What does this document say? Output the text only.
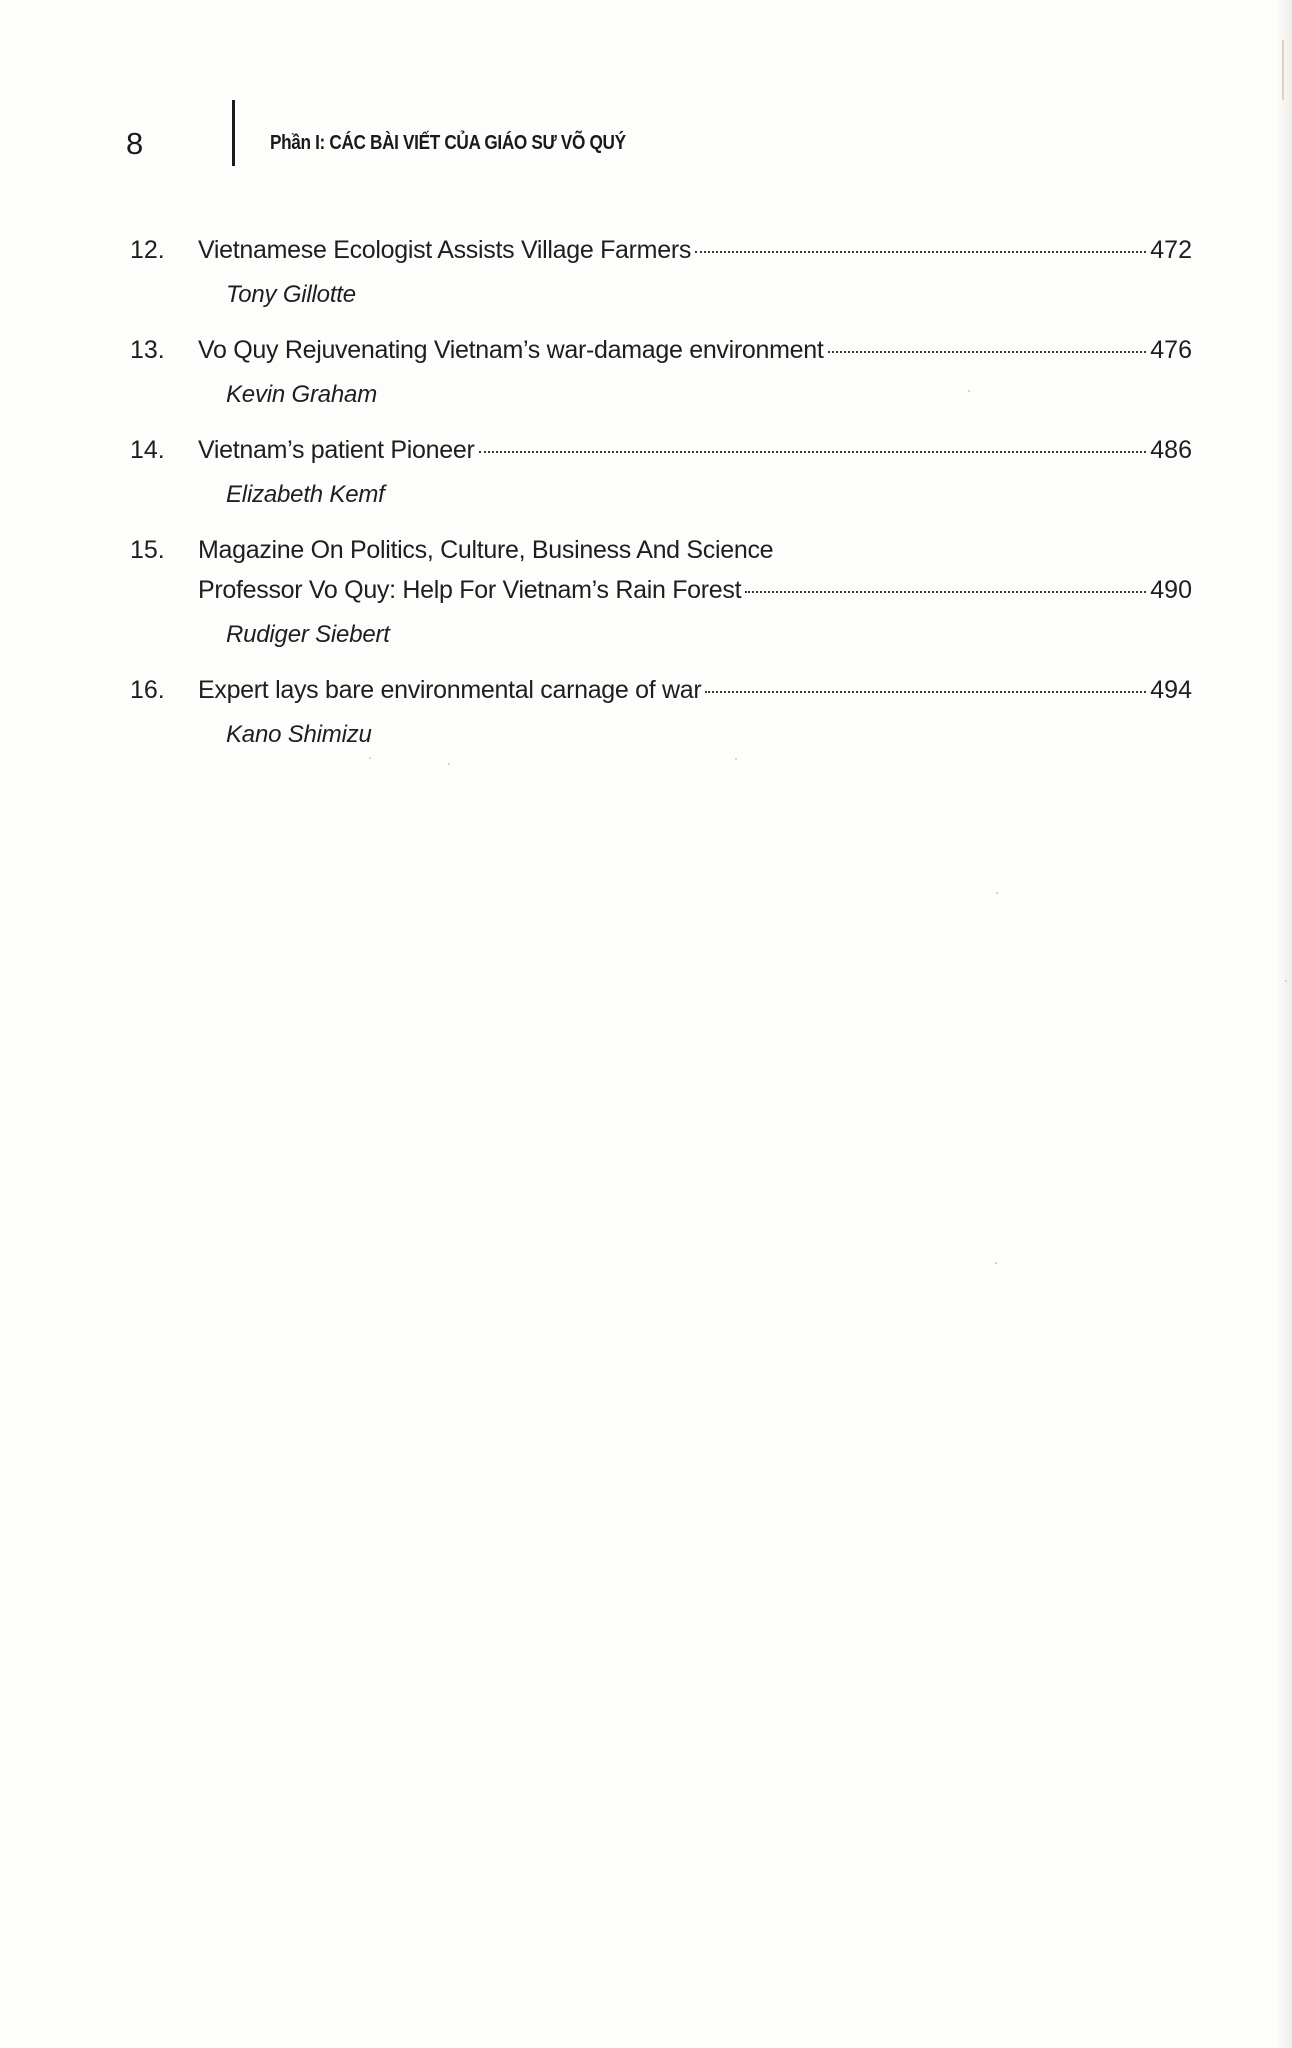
8	Phần I: CÁC BÀI VIẾT CỦA GIÁO SƯ VÕ QUÝ
12.	Vietnamese Ecologist Assists Village Farmers	472
Tony Gillotte
13.	Vo Quy Rejuvenating Vietnam’s war-damage environment	476
Kevin Graham
14.	Vietnam’s patient Pioneer	486
Elizabeth Kemf
15.	Magazine On Politics, Culture, Business And Science
Professor Vo Quy: Help For Vietnam’s Rain Forest	490
Rudiger Siebert
16.	Expert lays bare environmental carnage of war	494
Kano Shimizu
